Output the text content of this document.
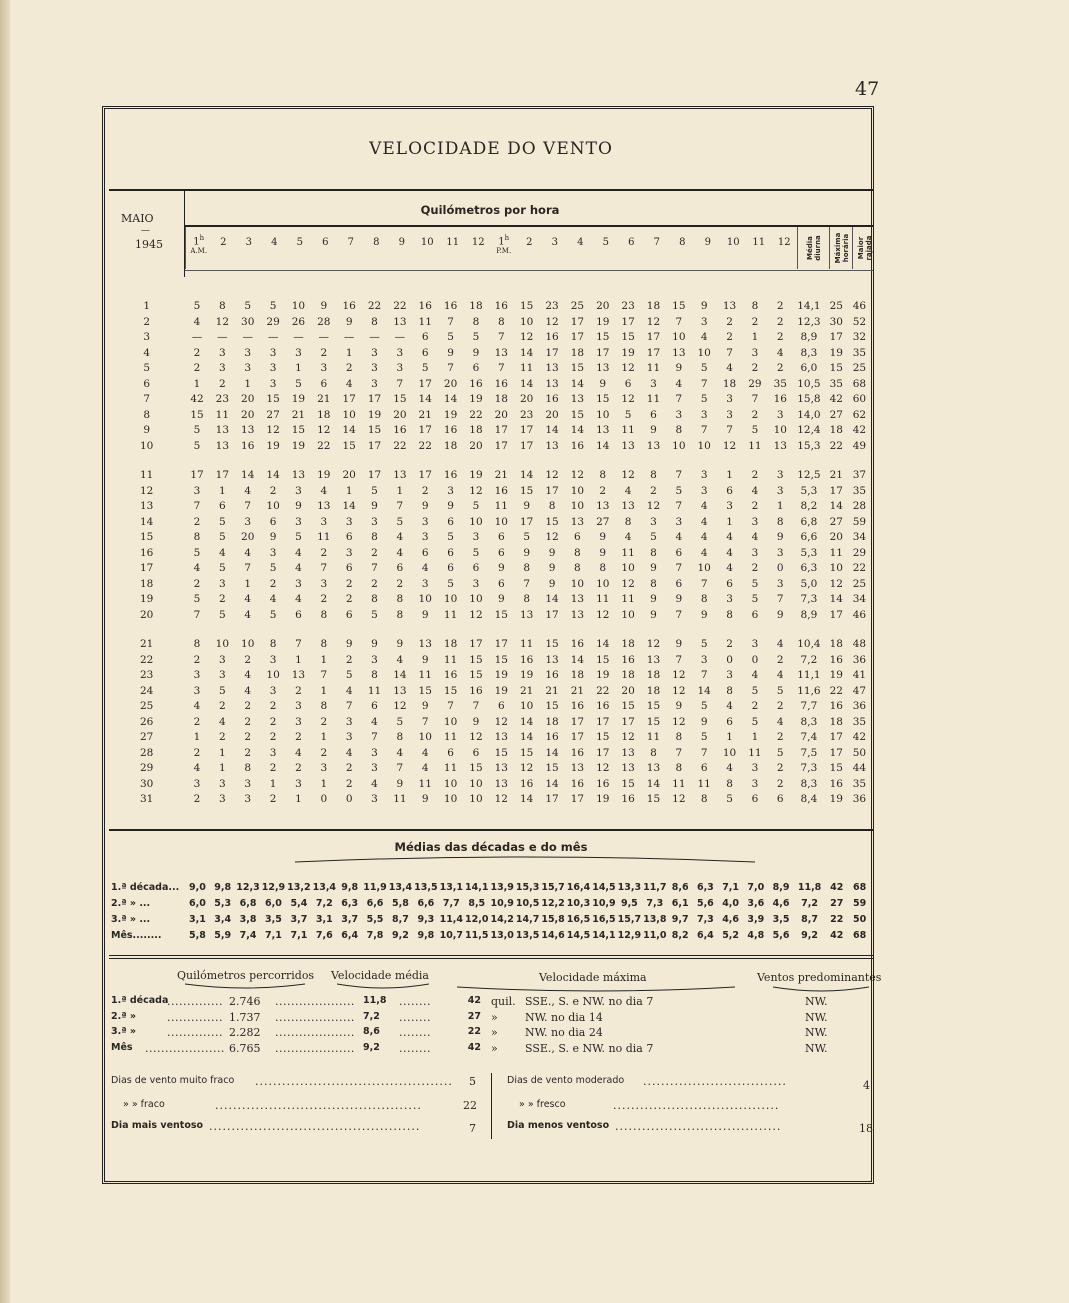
47
VELOCIDADE DO VENTO
MAIO
—
1945
Quilómetros por hora
1$^h$
A.M.
2	3	4	5	6	7	8	9	10	11	12	1$^h$
P.M.
2	3	4	5	6	7	8	9	10	11	12	Média diurna Máxima horária Maior rajada

1	5	8	5	5	10	9	16	22	22	16	16	18	16	15	23	25	20	23	18	15	9	13	8	2	14,1	25	46
2	4	12	30	29	26	28	9	8	13	11	7	8	8	10	12	17	19	17	12	7	3	2	2	2	12,3	30	52
3	—	—	—	—	—	—	—	—	—	6	5	5	7	12	16	17	15	15	17	10	4	2	1	2	8,9	17	32
4	2	3	3	3	3	2	1	3	3	6	9	9	13	14	17	18	17	19	17	13	10	7	3	4	8,3	19	35
5	2	3	3	3	1	3	2	3	3	5	7	6	7	11	13	15	13	12	11	9	5	4	2	2	6,0	15	25
6	1	2	1	3	5	6	4	3	7	17	20	16	16	14	13	14	9	6	3	4	7	18	29	35	10,5	35	68
7	42	23	20	15	19	21	17	17	15	14	14	19	18	20	16	13	15	12	11	7	5	3	7	16	15,8	42	60
8	15	11	20	27	21	18	10	19	20	21	19	22	20	23	20	15	10	5	6	3	3	3	2	3	14,0	27	62
9	5	13	13	12	15	12	14	15	16	17	16	18	17	17	14	14	13	11	9	8	7	7	5	10	12,4	18	42
10	5	13	16	19	19	22	15	17	22	22	18	20	17	17	13	16	14	13	13	10	10	12	11	13	15,3	22	49

11	17	17	14	14	13	19	20	17	13	17	16	19	21	14	12	12	8	12	8	7	3	1	2	3	12,5	21	37
12	3	1	4	2	3	4	1	5	1	2	3	12	16	15	17	10	2	4	2	5	3	6	4	3	5,3	17	35
13	7	6	7	10	9	13	14	9	7	9	9	5	11	9	8	10	13	13	12	7	4	3	2	1	8,2	14	28
14	2	5	3	6	3	3	3	3	5	3	6	10	10	17	15	13	27	8	3	3	4	1	3	8	6,8	27	59
15	8	5	20	9	5	11	6	8	4	3	5	3	6	5	12	6	9	4	5	4	4	4	4	9	6,6	20	34
16	5	4	4	3	4	2	3	2	4	6	6	5	6	9	9	8	9	11	8	6	4	4	3	3	5,3	11	29
17	4	5	7	5	4	7	6	7	6	4	6	6	9	8	9	8	8	10	9	7	10	4	2	0	6,3	10	22
18	2	3	1	2	3	3	2	2	2	3	5	3	6	7	9	10	10	12	8	6	7	6	5	3	5,0	12	25
19	5	2	4	4	4	2	2	8	8	10	10	10	9	8	14	13	11	11	9	9	8	3	5	7	7,3	14	34
20	7	5	4	5	6	8	6	5	8	9	11	12	15	13	17	13	12	10	9	7	9	8	6	9	8,9	17	46

21	8	10	10	8	7	8	9	9	9	13	18	17	17	11	15	16	14	18	12	9	5	2	3	4	10,4	18	48
22	2	3	2	3	1	1	2	3	4	9	11	15	15	16	13	14	15	16	13	7	3	0	0	2	7,2	16	36
23	3	3	4	10	13	7	5	8	14	11	16	15	19	19	16	18	19	18	18	12	7	3	4	4	11,1	19	41
24	3	5	4	3	2	1	4	11	13	15	15	16	19	21	21	21	22	20	18	12	14	8	5	5	11,6	22	47
25	4	2	2	2	3	8	7	6	12	9	7	7	6	10	15	16	16	15	15	9	5	4	2	2	7,7	16	36
26	2	4	2	2	3	2	3	4	5	7	10	9	12	14	18	17	17	17	15	12	9	6	5	4	8,3	18	35
27	1	2	2	2	2	1	3	7	8	10	11	12	13	14	16	17	15	12	11	8	5	1	1	2	7,4	17	42
28	2	1	2	3	4	2	4	3	4	4	6	6	15	15	14	16	17	13	8	7	7	10	11	5	7,5	17	50
29	4	1	8	2	2	3	2	3	7	4	11	15	13	12	15	13	12	13	13	8	6	4	3	2	7,3	15	44
30	3	3	3	1	3	1	2	4	9	11	10	10	13	16	14	16	16	15	14	11	11	8	3	2	8,3	16	35
31	2	3	3	2	1	0	0	3	11	9	10	10	12	14	17	17	19	16	15	12	8	5	6	6	8,4	19	36
Médias das décadas e do mês
1.ª década...	9,0	9,8	12,3	12,9	13,2	13,4	9,8	11,9	13,4	13,5	13,1	14,1	13,9	15,3	15,7	16,4	14,5	13,3	11,7	8,6	6,3	7,1	7,0	8,9	11,8	42	68
2.ª » ...	6,0	5,3	6,8	6,0	5,4	7,2	6,3	6,6	5,8	6,6	7,7	8,5	10,9	10,5	12,2	10,3	10,9	9,5	7,3	6,1	5,6	4,0	3,6	4,6	7,2	27	59
3.ª » ...	3,1	3,4	3,8	3,5	3,7	3,1	3,7	5,5	8,7	9,3	11,4	12,0	14,2	14,7	15,8	16,5	16,5	15,7	13,8	9,7	7,3	4,6	3,9	3,5	8,7	22	50
Mês........	5,8	5,9	7,4	7,1	7,1	7,6	6,4	7,8	9,2	9,8	10,7	11,5	13,0	13,5	14,6	14,5	14,1	12,9	11,0	8,2	6,4	5,2	4,8	5,6	9,2	42	68
Quilómetros percorridos Velocidade média	Velocidade máxima	Ventos predominantes
1.ª década	2.746	11,8	42 quil. SSE., S. e NW. no dia 7	NW.
..............	....................	........
2.ª »	1.737	7,2	27 » NW. no dia 14	NW.
..............	....................	........
3.ª »	2.282	8,6	22 » NW. no dia 24	NW.
..............	....................	........
Mês	6.765	9,2	42 » SSE., S. e NW. no dia 7	NW.
....................	....................	........
Dias de vento muito fraco ............................................ 5
» » fraco	..............................................	22
Dia mais ventoso ...............................................	7
Dias de vento moderado ................................	4
» » fresco	.....................................
Dia menos ventoso .....................................	18
